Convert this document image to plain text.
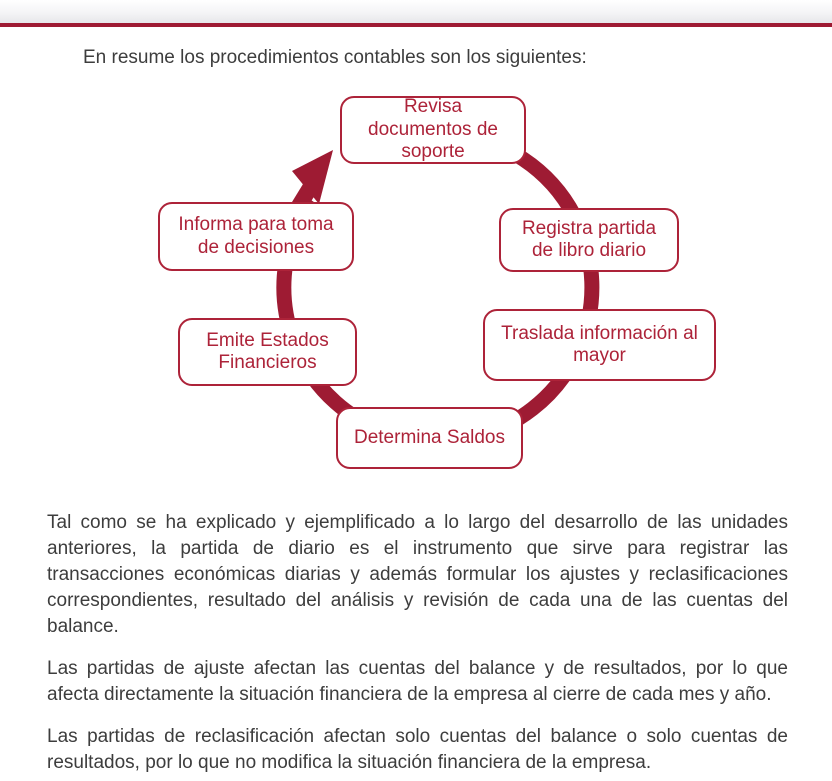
En resume los procedimientos contables son los siguientes:

Revisa documentos de soporte
Registra partida de libro diario
Traslada información al mayor
Determina Saldos
Emite Estados Financieros
Informa para toma de decisiones

Tal como se ha explicado y ejemplificado a lo largo del desarrollo de las unidades anteriores, la partida de diario es el instrumento que sirve para registrar las transacciones económicas diarias y además formular los ajustes y reclasificaciones correspondientes, resultado del análisis y revisión de cada una de las cuentas del balance.

Las partidas de ajuste afectan las cuentas del balance y de resultados, por lo que afecta directamente la situación financiera de la empresa al cierre de cada mes y año.

Las partidas de reclasificación afectan solo cuentas del balance o solo cuentas de resultados, por lo que no modifica la situación financiera de la empresa.
